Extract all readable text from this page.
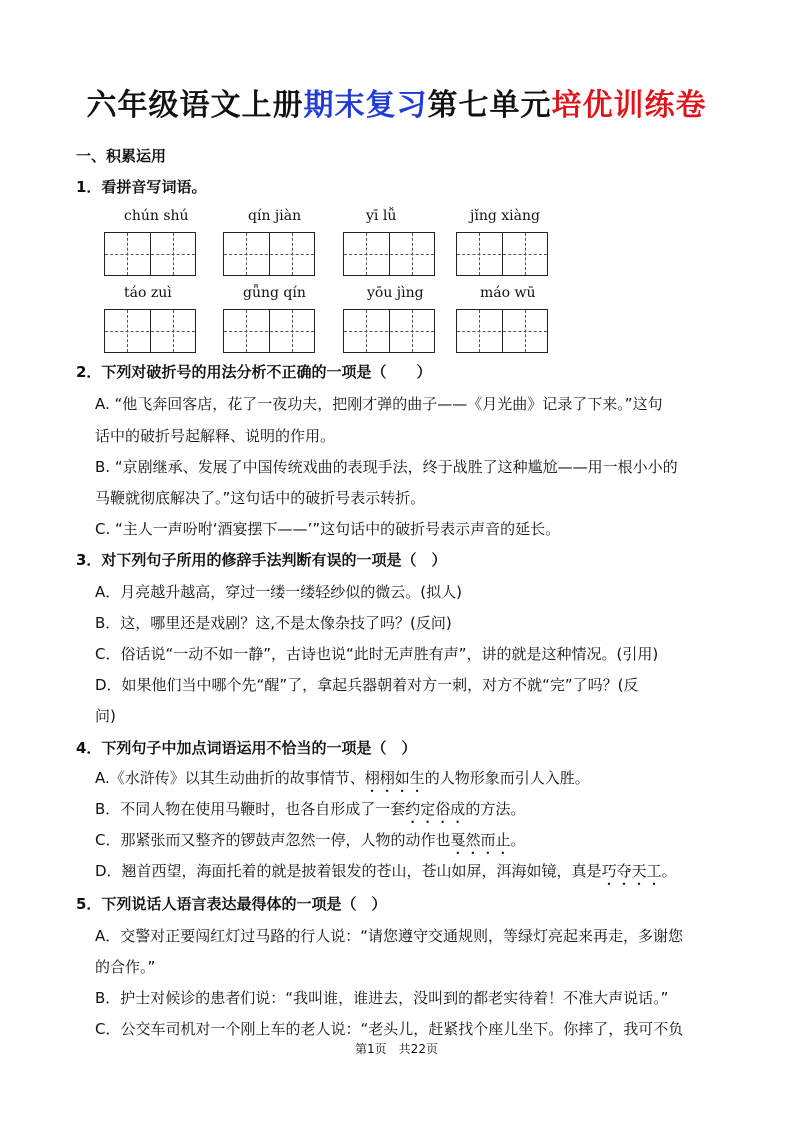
六年级语文上册期末复习第七单元培优训练卷
一、积累运用
1．看拼音写词语。
chún shú	qín jiàn	yī lǚ	jǐng xiàng
táo zuì	gǖng qín	yōu jìng	máo wū
2．下列对破折号的用法分析不正确的一项是（　　）
A. “他飞奔回客店，花了一夜功夫，把刚才弹的曲子——《月光曲》记录了下来。”这句
话中的破折号起解释、说明的作用。
B. “京剧继承、发展了中国传统戏曲的表现手法，终于战胜了这种尴尬——用一根小小的
马鞭就彻底解决了。”这句话中的破折号表示转折。
C. “主人一声吩咐‘酒宴摆下——’”这句话中的破折号表示声音的延长。
3．对下列句子所用的修辞手法判断有误的一项是（　）
A．月亮越升越高，穿过一缕一缕轻纱似的微云。(拟人)
B．这，哪里还是戏剧？这,不是太像杂技了吗？(反问)
C．俗话说“一动不如一静”，古诗也说“此时无声胜有声”，讲的就是这种情况。(引用)
D．如果他们当中哪个先“醒”了，拿起兵器朝着对方一刺，对方不就“完”了吗？(反
问)
4．下列句子中加点词语运用不恰当的一项是（　）
A.《水浒传》以其生动曲折的故事情节、栩栩如生的人物形象而引人入胜。
B．不同人物在使用马鞭时，也各自形成了一套约定俗成的方法。
C．那紧张而又整齐的锣鼓声忽然一停，人物的动作也戛然而止。
D．翘首西望，海面托着的就是披着银发的苍山，苍山如屏，洱海如镜，真是巧夺天工。
5．下列说话人语言表达最得体的一项是（　）
A．交警对正要闯红灯过马路的行人说：“请您遵守交通规则，等绿灯亮起来再走，多谢您
的合作。”
B．护士对候诊的患者们说：“我叫谁，谁进去，没叫到的都老实待着！不准大声说话。”
C．公交车司机对一个刚上车的老人说：“老头儿，赶紧找个座儿坐下。你摔了，我可不负
第1页　共22页
